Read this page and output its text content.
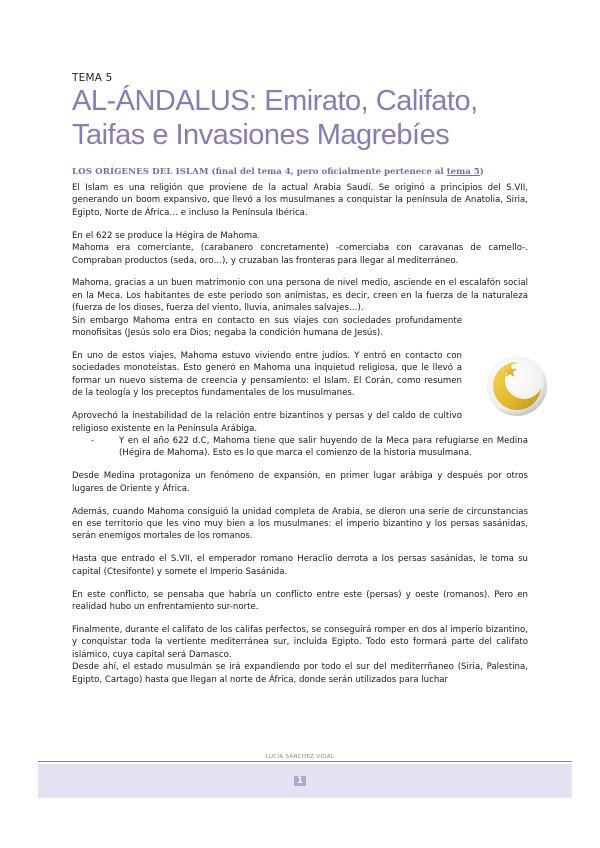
TEMA 5
AL-ÁNDALUS: Emirato, Califato, Taifas e Invasiones Magrebíes
LOS ORÍGENES DEL ISLAM (final del tema 4, pero oficialmente pertenece al tema 5)

El Islam es una religión que proviene de la actual Arabia Saudí. Se originó a principios del S.VII, generando un boom expansivo, que llevó a los musulmanes a conquistar la península de Anatolia, Siria, Egipto, Norte de África… e incluso la Península Ibérica.

En el 622 se produce la Hégira de Mahoma.

Mahoma era comerciante, (carabanero concretamente) -comerciaba con caravanas de camello-. Compraban productos (seda, oro…), y cruzaban las fronteras para llegar al mediterráneo.

Mahoma, gracias a un buen matrimonio con una persona de nivel medio, asciende en el escalafón social en la Meca. Los habitantes de este periodo son animistas, es decir, creen en la fuerza de la naturaleza (fuerza de los dioses, fuerza del viento, lluvia, animales salvajes…).

Sin embargo Mahoma entra en contacto en sus viajes con sociedades profundamente monofisitas (Jesús solo era Dios; negaba la condición humana de Jesús).

En uno de estos viajes, Mahoma estuvo viviendo entre judíos. Y entró en contacto con sociedades monoteístas. Esto generó en Mahoma una inquietud religiosa, que le llevó a formar un nuevo sistema de creencia y pensamiento: el Islam. El Corán, como resumen de la teología y los preceptos fundamentales de los musulmanes.

Aprovechó la inestabilidad de la relación entre bizantinos y persas y del caldo de cultivo religioso existente en la Península Arábiga.

- Y en el año 622 d.C, Mahoma tiene que salir huyendo de la Meca para refugiarse en Medina (Hégira de Mahoma). Esto es lo que marca el comienzo de la historia musulmana.

Desde Medina protagoniza un fenómeno de expansión, en primer lugar arábiga y después por otros lugares de Oriente y África.

Además, cuando Mahoma consiguió la unidad completa de Arabia, se dieron una serie de circunstancias en ese territorio que les vino muy bien a los musulmanes: el imperio bizantino y los persas sasánidas, serán enemigos mortales de los romanos.

Hasta que entrado el S.VII, el emperador romano Heraclio derrota a los persas sasánidas, le toma su capital (Ctesifonte) y somete el Imperio Sasánida.

En este conflicto, se pensaba que habría un conflicto entre este (persas) y oeste (romanos). Pero en realidad hubo un enfrentamiento sur-norte.

Finalmente, durante el califato de los califas perfectos, se conseguirá romper en dos al imperio bizantino, y conquistar toda la vertiente mediterránea sur, incluida Egipto. Todo esto formará parte del califato islámico, cuya capital será Damasco.

Desde ahí, el estado musulmán se irá expandiendo por todo el sur del mediterrñaneo (Siria, Palestina, Egipto, Cartago) hasta que llegan al norte de África, donde serán utilizados para luchar

LUCÍA SÁNCHEZ VIDAL
1
